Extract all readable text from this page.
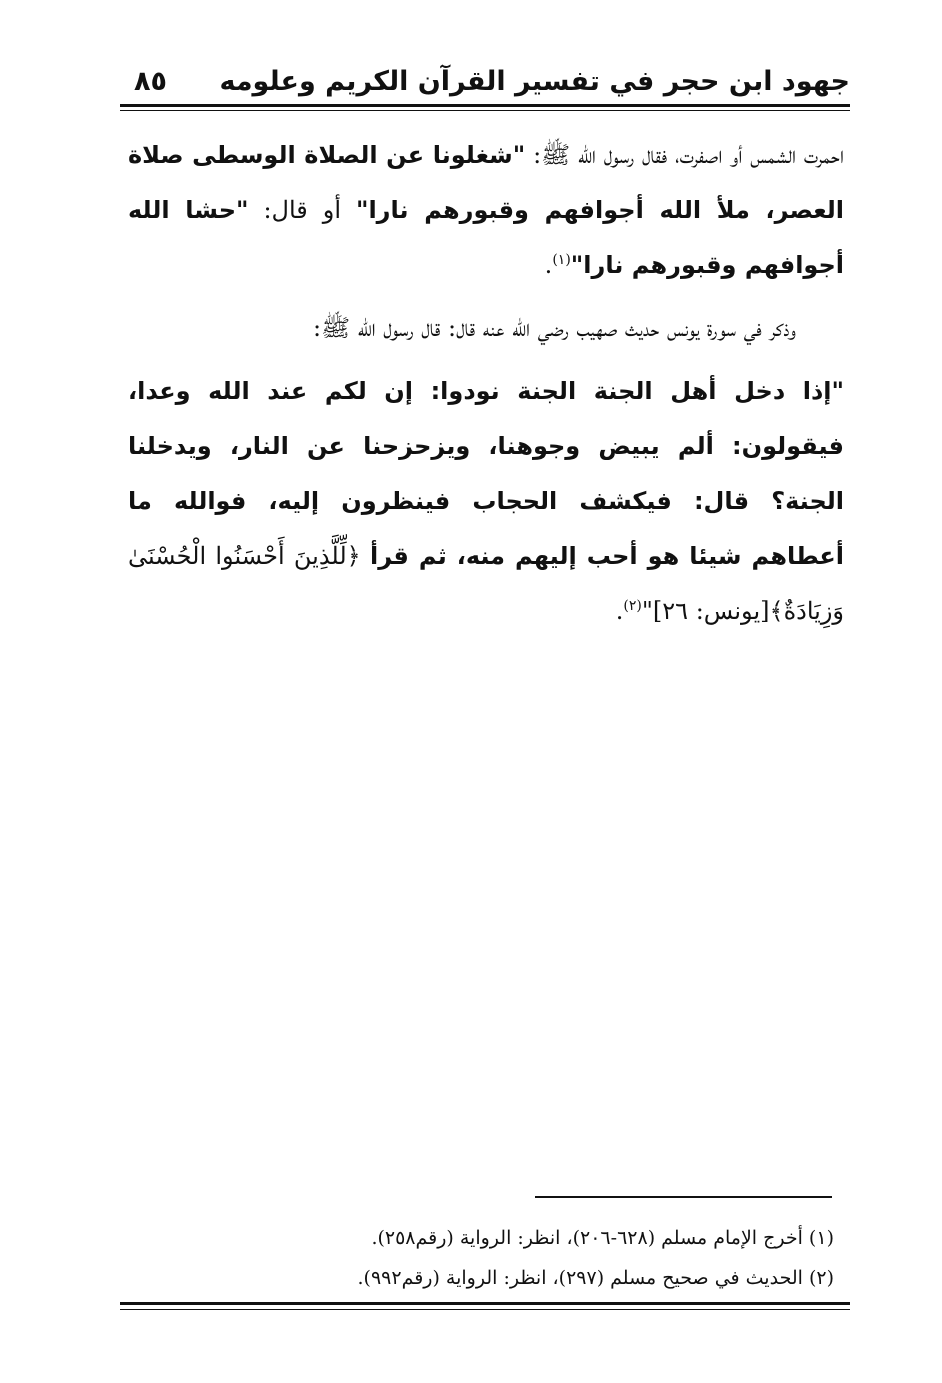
جهود ابن حجر في تفسير القرآن الكريم وعلومه
٨٥

احمرت الشمس أو اصفرت، فقال رسول الله ﷺ: "شغلونا عن الصلاة الوسطى صلاة العصر، ملأ الله أجوافهم وقبورهم نارا" أو قال: "حشا الله أجوافهم وقبورهم نارا"$^{(١)}$.

وذكر في سورة يونس حديث صهيب رضي الله عنه قال: قال رسول الله ﷺ:

"إذا دخل أهل الجنة الجنة نودوا: إن لكم عند الله وعدا، فيقولون: ألم يبيض وجوهنا، ويزحزحنا عن النار، ويدخلنا الجنة؟ قال: فيكشف الحجاب فينظرون إليه، فوالله ما أعطاهم شيئا هو أحب إليهم منه، ثم قرأ ﴿لِّلَّذِينَ أَحْسَنُوا الْحُسْنَىٰ وَزِيَادَةٌ﴾[يونس: ٢٦]"$^{(٢)}$.

(١) أخرج الإمام مسلم (٦٢٨-٢٠٦)، انظر: الرواية (رقم٢٥٨).
(٢) الحديث في صحيح مسلم (٢٩٧)، انظر: الرواية (رقم٩٩٢).
